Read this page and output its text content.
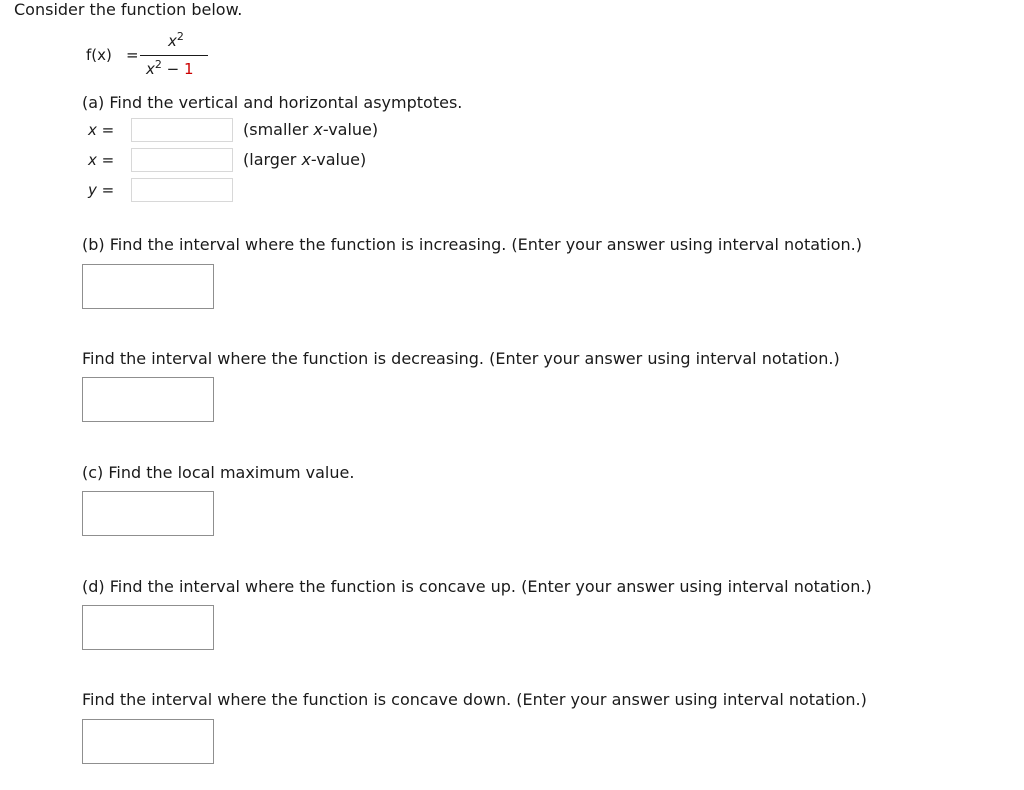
Consider the function below.
f(x) =
$x^2$
$x^2 - 1$
(a) Find the vertical and horizontal asymptotes.
x =	(smaller x-value)
x =	(larger x-value)
y =
(b) Find the interval where the function is increasing. (Enter your answer using interval notation.)
Find the interval where the function is decreasing. (Enter your answer using interval notation.)
(c) Find the local maximum value.
(d) Find the interval where the function is concave up. (Enter your answer using interval notation.)
Find the interval where the function is concave down. (Enter your answer using interval notation.)
